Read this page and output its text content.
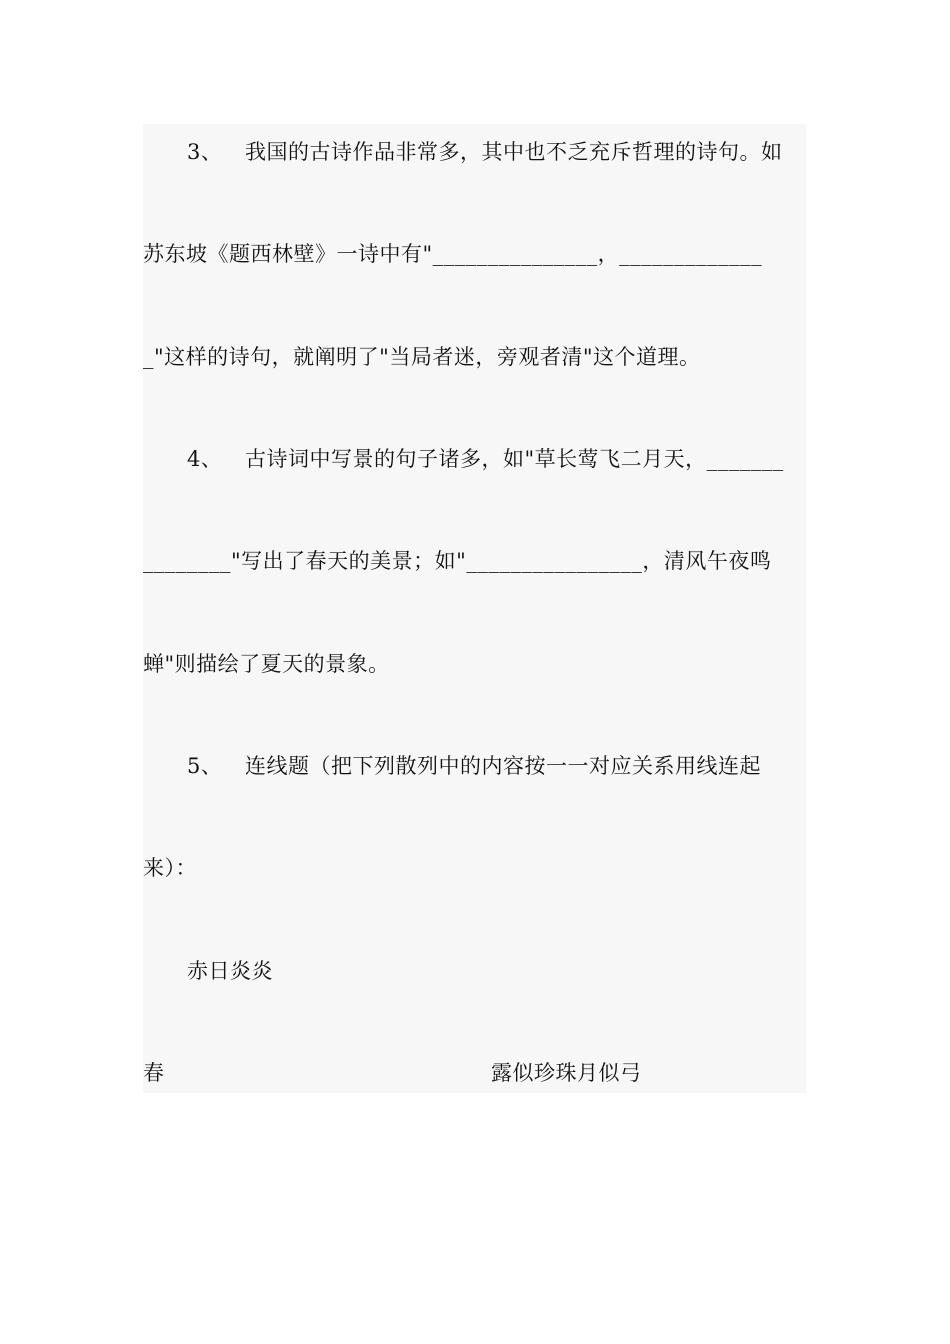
3、 我国的古诗作品非常多，其中也不乏充斥哲理的诗句。如
苏东坡《题西林壁》一诗中有"_______________，_____________
_"这样的诗句，就阐明了"当局者迷，旁观者清"这个道理。
4、 古诗词中写景的句子诸多，如"草长莺飞二月天，_______
________"写出了春天的美景；如"________________，清风午夜鸣
蝉"则描绘了夏天的景象。
5、 连线题（把下列散列中的内容按一一对应关系用线连起
来）：
赤日炎炎
春	露似珍珠月似弓
